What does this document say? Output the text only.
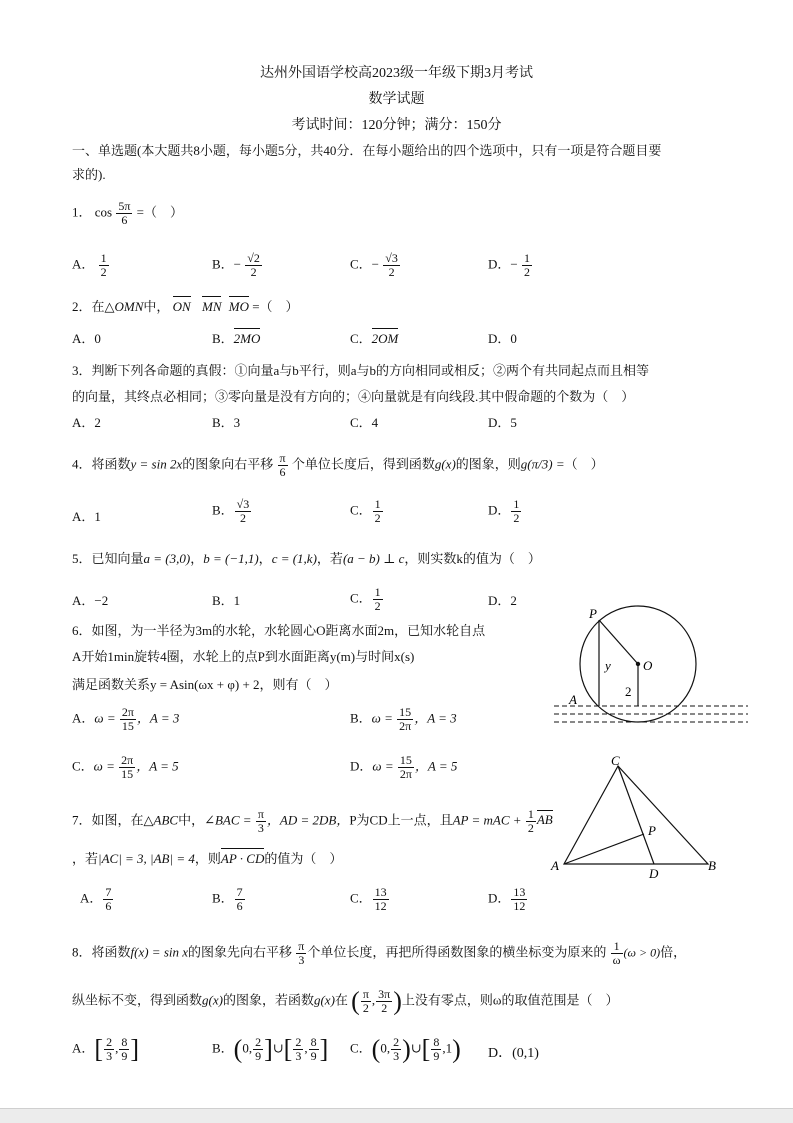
达州外国语学校高2023级一年级下期3月考试
数学试题
考试时间：120分钟；满分：150分
一、单选题(本大题共8小题，每小题5分，共40分．在每小题给出的四个选项中，只有一项是符合题目要
求的).
1． $\cos \frac{5\pi}{6}$ =（　）
A． $\frac{1}{2}$	B．− $\frac{√2}{2}$	C．− $\frac{√3}{2}$	D．− $\frac{1}{2}$
2．在△OMN中， ON MN MO =（　）
A．0	B．2MO	C．2OM	D．0
3．判断下列各命题的真假：①向量a与b平行，则a与b的方向相同或相反；②两个有共同起点而且相等
的向量，其终点必相同；③零向量是没有方向的；④向量就是有向线段.其中假命题的个数为（　）
A．2	B．3	C．4	D．5
4．将函数y = sin 2x的图象向右平移 $\frac{\pi}{6}$ 个单位长度后，得到函数g(x)的图象，则g(π/3) =（　）
A．1	B． $\frac{√3}{2}$	C． $\frac{1}{2}$	D． $\frac{1}{2}$
5．已知向量a = (3,0)，b = (−1,1)，c = (1,k)，若(a − b) ⊥ c，则实数k的值为（　）
A．−2	B．1	C． $\frac{1}{2}$	D．2
6．如图，为一半径为3m的水轮，水轮圆心O距离水面2m，已知水轮自点
A开始1min旋转4圈，水轮上的点P到水面距离y(m)与时间x(s)
满足函数关系y = Asin(ωx + φ) + 2，则有（　）
A．$\omega = \frac{2\pi}{15}$ ，A = 3	B．$\omega = \frac{15}{2\pi}$ ，A = 3
C．$\omega = \frac{2\pi}{15}$ ，A = 5	D．$\omega = \frac{15}{2\pi}$ ，A = 5
P
O
y
2
A
7．如图，在△ABC中，∠BAC = $\frac{\pi}{3}$ ，AD = 2DB，P为CD上一点，且AP = mAC + $\frac{1}{2}$ AB
，若|AC| = 3, |AB| = 4，则AP · CD的值为（　）
A． $\frac{7}{6}$	B． $\frac{7}{6}$	C． $\frac{13}{12}$	D． $\frac{13}{12}$
C
P
A
D
B
8．将函数f(x) = sin x的图象先向右平移 $\frac{\pi}{3}$ 个单位长度，再把所得函数图象的横坐标变为原来的 $\frac{1}{\omega} (\omega > 0)$倍，
纵坐标不变，得到函数g(x)的图象，若函数g(x)在 ( $\frac{\pi}{2}$ , $\frac{3\pi}{2}$ )上没有零点，则ω的取值范围是（　）
A．[ $\frac{2}{3}$ , $\frac{8}{9}$ ]	B．(0, $\frac{2}{9}$ ]∪[ $\frac{2}{3}$ , $\frac{8}{9}$ ] C．(0, $\frac{2}{3}$ )∪[ $\frac{8}{9} ,1$) D．(0,1)
